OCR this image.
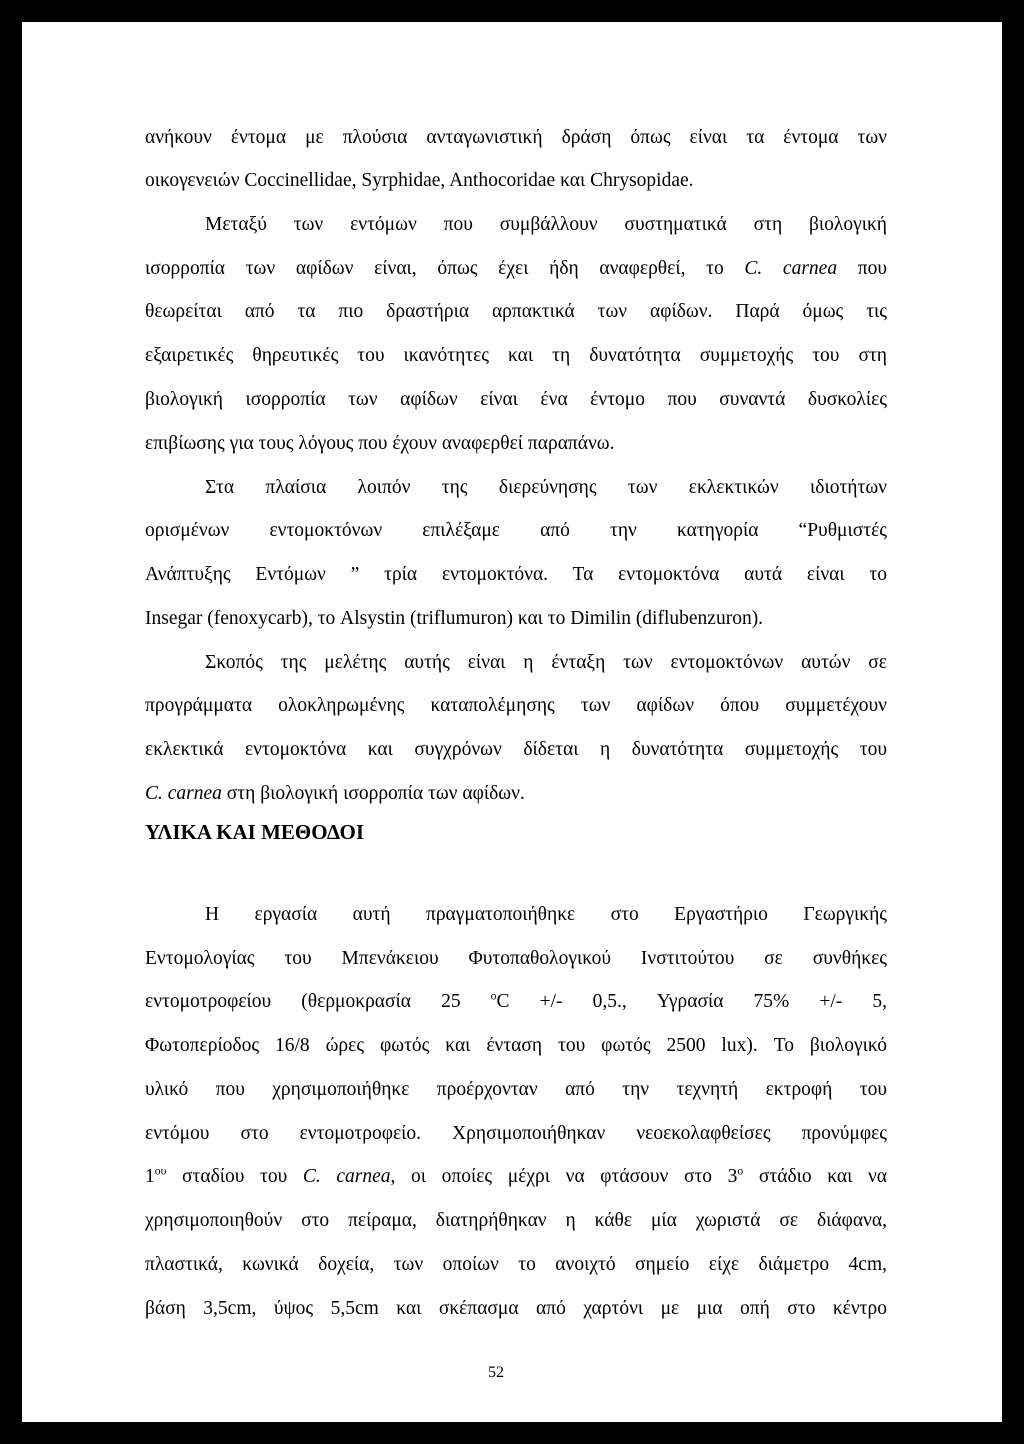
ανήκουν έντομα με πλούσια ανταγωνιστική δράση όπως είναι τα έντομα των
οικογενειών Coccinellidae, Syrphidae, Anthocoridae και Chrysopidae.
Μεταξύ των εντόμων που συμβάλλουν συστηματικά στη βιολογική
ισορροπία των αφίδων είναι, όπως έχει ήδη αναφερθεί, το C. carnea που
θεωρείται από τα πιο δραστήρια αρπακτικά των αφίδων. Παρά όμως τις
εξαιρετικές θηρευτικές του ικανότητες και τη δυνατότητα συμμετοχής του στη
βιολογική ισορροπία των αφίδων είναι ένα έντομο που συναντά δυσκολίες
επιβίωσης για τους λόγους που έχουν αναφερθεί παραπάνω.
Στα πλαίσια λοιπόν της διερεύνησης των εκλεκτικών ιδιοτήτων
ορισμένων εντομοκτόνων επιλέξαμε από την κατηγορία “Ρυθμιστές
Ανάπτυξης Εντόμων ” τρία εντομοκτόνα. Τα εντομοκτόνα αυτά είναι το
Insegar (fenoxycarb), το Alsystin (triflumuron) και το Dimilin (diflubenzuron).
Σκοπός της μελέτης αυτής είναι η ένταξη των εντομοκτόνων αυτών σε
προγράμματα ολοκληρωμένης καταπολέμησης των αφίδων όπου συμμετέχουν
εκλεκτικά εντομοκτόνα και συγχρόνων δίδεται η δυνατότητα συμμετοχής του
C. carnea στη βιολογική ισορροπία των αφίδων.
ΥΛΙΚΑ ΚΑΙ ΜΕΘΟΔΟΙ
Η εργασία αυτή πραγματοποιήθηκε στο Εργαστήριο Γεωργικής
Εντομολογίας του Μπενάκειου Φυτοπαθολογικού Ινστιτούτου σε συνθήκες
εντομοτροφείου (θερμοκρασία 25 $^o$C +/- 0,5., Υγρασία 75% +/- 5,
Φωτοπερίοδος 16/8 ώρες φωτός και ένταση του φωτός 2500 lux). Το βιολογικό
υλικό που χρησιμοποιήθηκε προέρχονταν από την τεχνητή εκτροφή του
εντόμου στο εντομοτροφείο. Χρησιμοποιήθηκαν νεοεκολαφθείσες προνύμφες
$1^{o\upsilon}$ σταδίου του C. carnea, οι οποίες μέχρι να φτάσουν στο $3^o$ στάδιο και να
χρησιμοποιηθούν στο πείραμα, διατηρήθηκαν η κάθε μία χωριστά σε διάφανα,
πλαστικά, κωνικά δοχεία, των οποίων το ανοιχτό σημείο είχε διάμετρο 4cm,
βάση 3,5cm, ύψος 5,5cm και σκέπασμα από χαρτόνι με μια οπή στο κέντρο
52
